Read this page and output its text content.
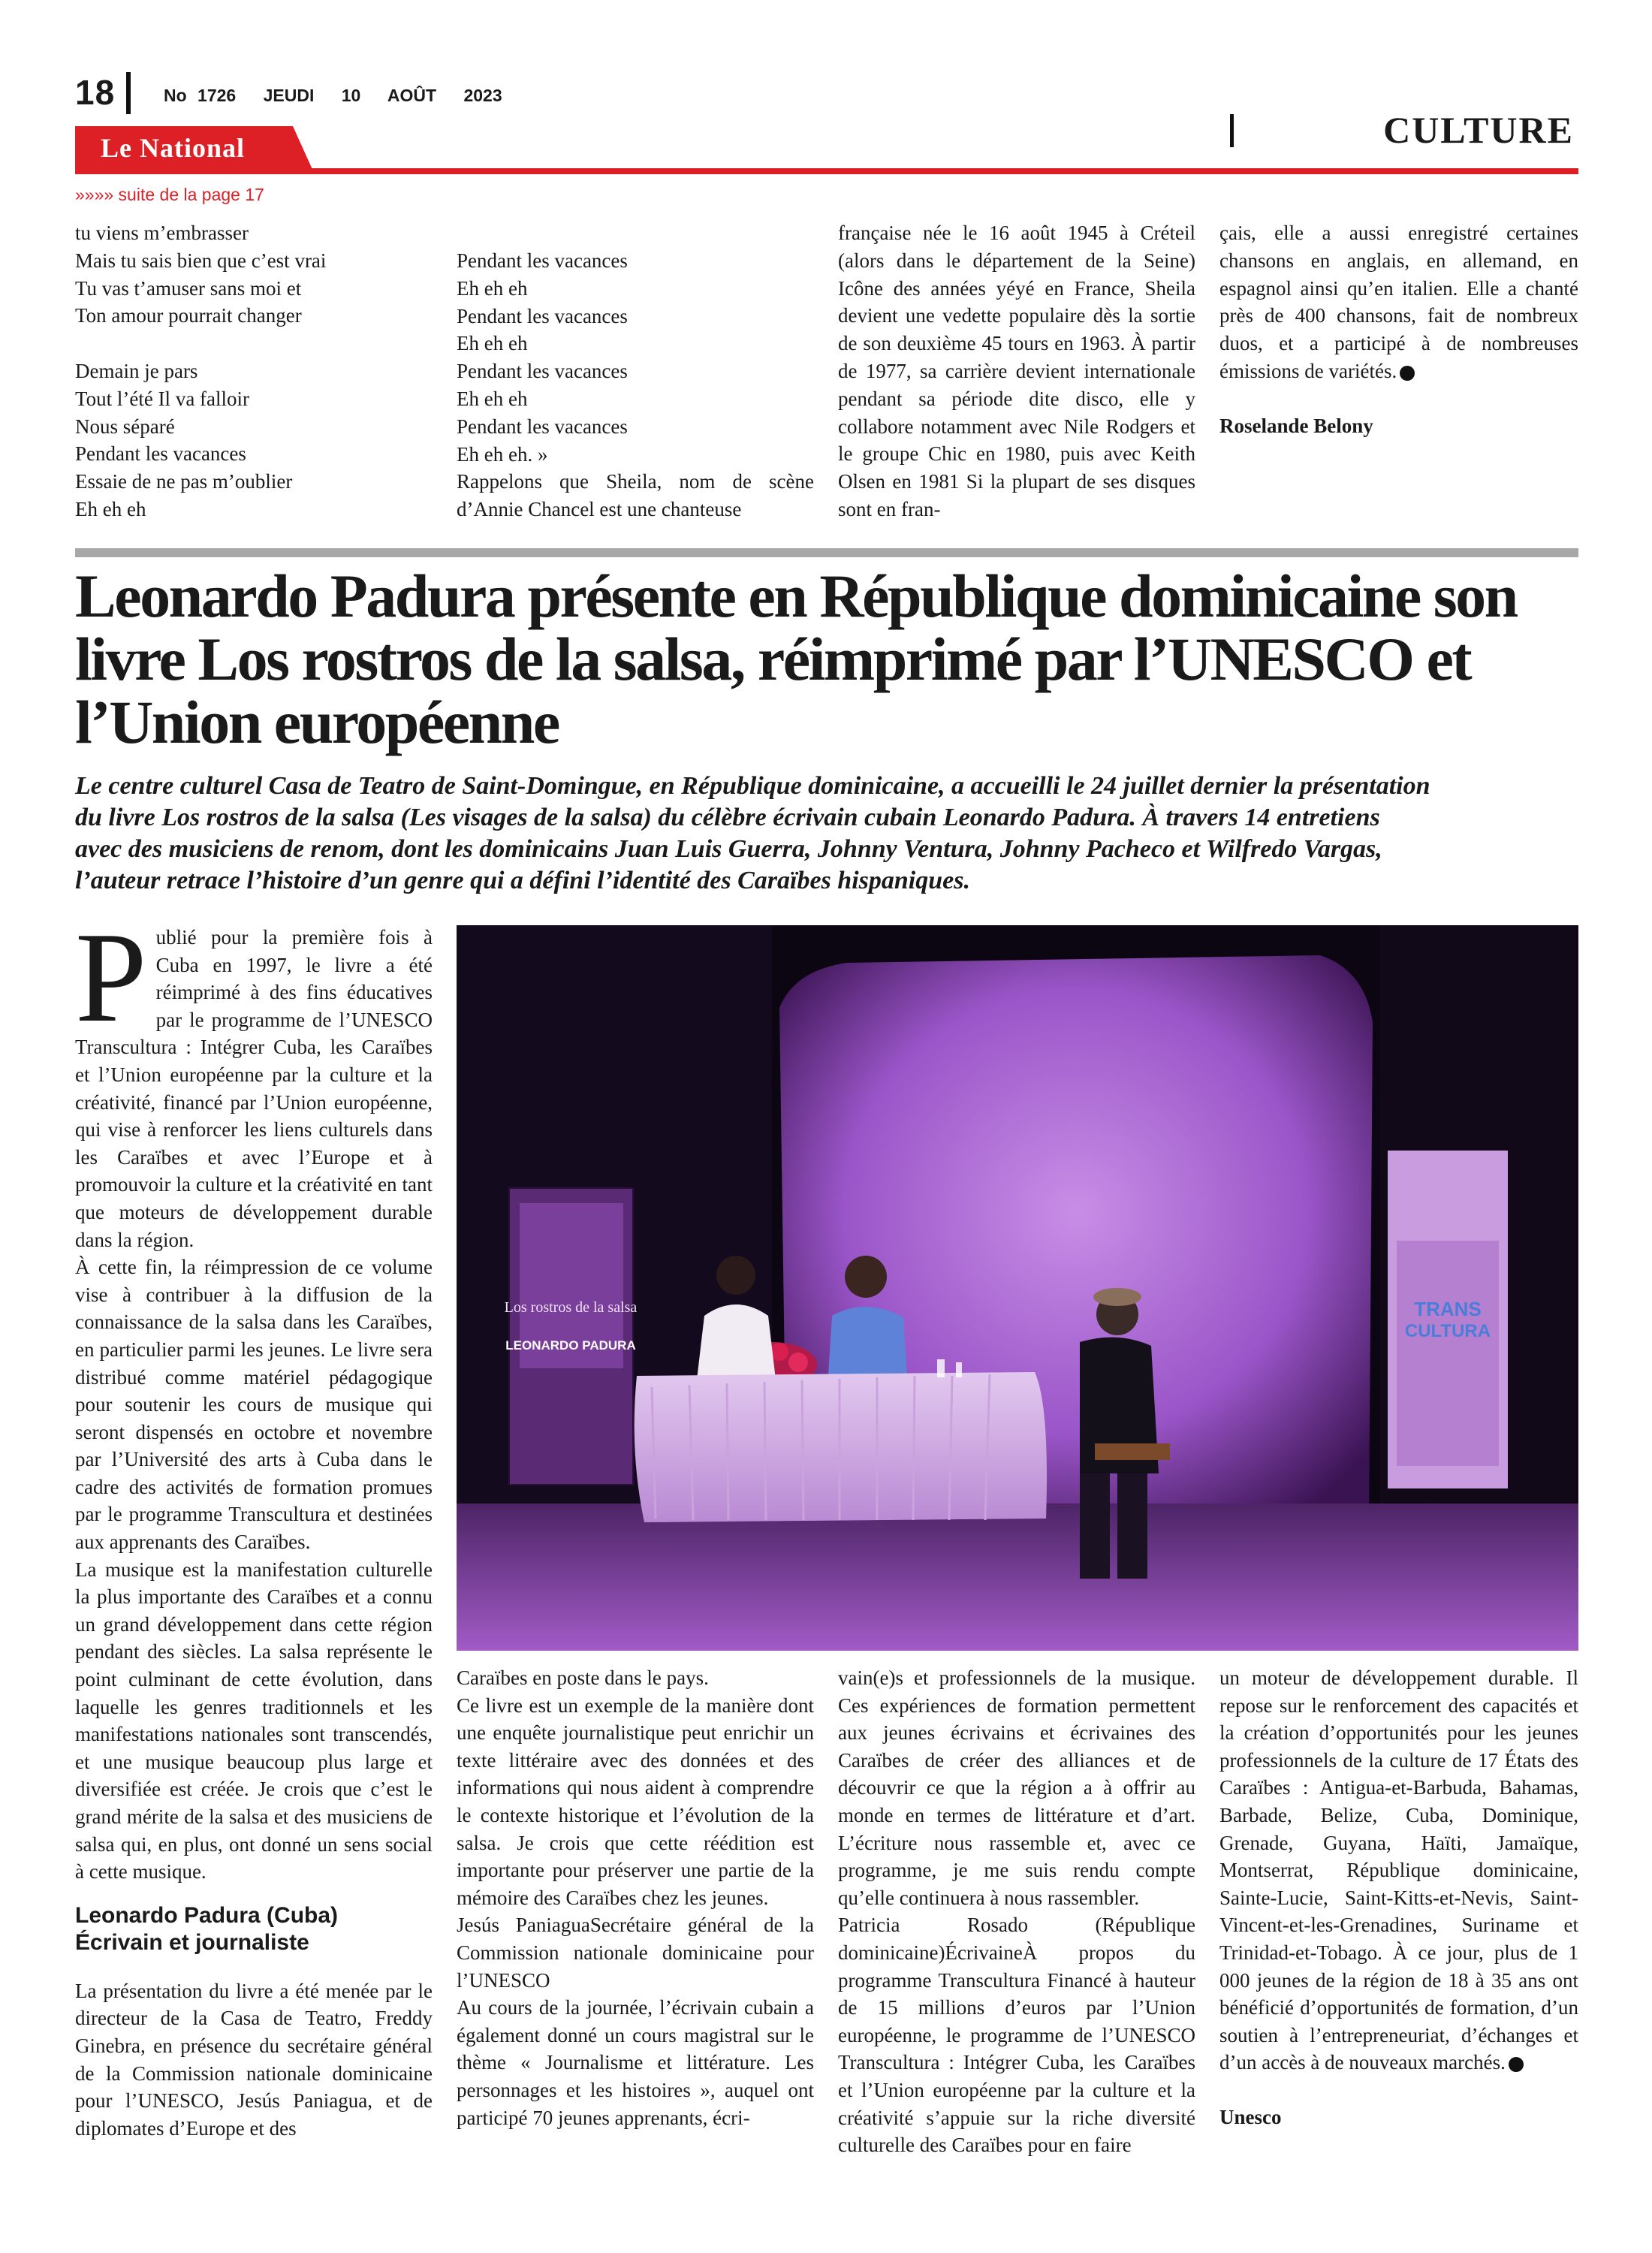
18	No 1726 JEUDI 10 AOÛT 2023
CULTURE
Le National
»»»» suite de la page 17
tu viens m’embrasser
Mais tu sais bien que c’est vrai
Tu vas t’amuser sans moi et
Ton amour pourrait changer
Demain je pars
Tout l’été Il va falloir
Nous séparé
Pendant les vacances
Essaie de ne pas m’oublier
Eh eh eh
Pendant les vacances
Eh eh eh
Pendant les vacances
Eh eh eh
Pendant les vacances
Eh eh eh
Pendant les vacances
Eh eh eh. »

Rappelons que Sheila, nom de scène d’Annie Chancel est une chanteuse

française née le 16 août 1945 à Créteil (alors dans le département de la Seine) Icône des années yéyé en France, Sheila devient une vedette populaire dès la sortie de son deuxième 45 tours en 1963. À partir de 1977, sa carrière devient internationale pendant sa période dite disco, elle y collabore notamment avec Nile Rodgers et le groupe Chic en 1980, puis avec Keith Olsen en 1981 Si la plupart de ses disques sont en fran-

çais, elle a aussi enregistré certaines chansons en anglais, en allemand, en espagnol ainsi qu’en italien. Elle a chanté près de 400 chansons, fait de nombreux duos, et a participé à de nombreuses émissions de variétés.

Roselande Belony

Leonardo Padura présente en République dominicaine son
livre Los rostros de la salsa, réimprimé par l’UNESCO et
l’Union européenne
Le centre culturel Casa de Teatro de Saint-Domingue, en République dominicaine, a accueilli le 24 juillet dernier la présentation
du livre Los rostros de la salsa (Les visages de la salsa) du célèbre écrivain cubain Leonardo Padura. À travers 14 entretiens
avec des musiciens de renom, dont les dominicains Juan Luis Guerra, Johnny Ventura, Johnny Pacheco et Wilfredo Vargas,
l’auteur retrace l’histoire d’un genre qui a défini l’identité des Caraïbes hispaniques.

Publié pour la première fois à Cuba en 1997, le livre a été réimprimé à des fins éducatives par le programme de l’UNESCO Transcultura : Intégrer Cuba, les Caraïbes et l’Union européenne par la culture et la créativité, financé par l’Union européenne, qui vise à renforcer les liens culturels dans les Caraïbes et avec l’Europe et à promouvoir la culture et la créativité en tant que moteurs de développement durable dans la région.

À cette fin, la réimpression de ce volume vise à contribuer à la diffusion de la connaissance de la salsa dans les Caraïbes, en particulier parmi les jeunes. Le livre sera distribué comme matériel pédagogique pour soutenir les cours de musique qui seront dispensés en octobre et novembre par l’Université des arts à Cuba dans le cadre des activités de formation promues par le programme Transcultura et destinées aux apprenants des Caraïbes.

La musique est la manifestation culturelle la plus importante des Caraïbes et a connu un grand développement dans cette région pendant des siècles. La salsa représente le point culminant de cette évolution, dans laquelle les genres traditionnels et les manifestations nationales sont transcendés, et une musique beaucoup plus large et diversifiée est créée. Je crois que c’est le grand mérite de la salsa et des musiciens de salsa qui, en plus, ont donné un sens social à cette musique.

Leonardo Padura (Cuba)
Écrivain et journaliste

La présentation du livre a été menée par le directeur de la Casa de Teatro, Freddy Ginebra, en présence du secrétaire général de la Commission nationale dominicaine pour l’UNESCO, Jesús Paniagua, et de diplomates d’Europe et des

Los rostros de la salsa
LEONARDO PADURA
TRANS
CULTURA

Caraïbes en poste dans le pays.

Ce livre est un exemple de la manière dont une enquête journalistique peut enrichir un texte littéraire avec des données et des informations qui nous aident à comprendre le contexte historique et l’évolution de la salsa. Je crois que cette réédition est importante pour préserver une partie de la mémoire des Caraïbes chez les jeunes.

Jesús PaniaguaSecrétaire général de la Commission nationale dominicaine pour l’UNESCO

Au cours de la journée, l’écrivain cubain a également donné un cours magistral sur le thème « Journalisme et littérature. Les personnages et les histoires », auquel ont participé 70 jeunes apprenants, écri-

vain(e)s et professionnels de la musique. Ces expériences de formation permettent aux jeunes écrivains et écrivaines des Caraïbes de créer des alliances et de découvrir ce que la région a à offrir au monde en termes de littérature et d’art. L’écriture nous rassemble et, avec ce programme, je me suis rendu compte qu’elle continuera à nous rassembler.

Patricia Rosado (République dominicaine)ÉcrivaineÀ propos du programme Transcultura Financé à hauteur de 15 millions d’euros par l’Union européenne, le programme de l’UNESCO Transcultura : Intégrer Cuba, les Caraïbes et l’Union européenne par la culture et la créativité s’appuie sur la riche diversité culturelle des Caraïbes pour en faire

un moteur de développement durable. Il repose sur le renforcement des capacités et la création d’opportunités pour les jeunes professionnels de la culture de 17 États des Caraïbes : Antigua-et-Barbuda, Bahamas, Barbade, Belize, Cuba, Dominique, Grenade, Guyana, Haïti, Jamaïque, Montserrat, République dominicaine, Sainte-Lucie, Saint-Kitts-et-Nevis, Saint-Vincent-et-les-Grenadines, Suriname et Trinidad-et-Tobago. À ce jour, plus de 1 000 jeunes de la région de 18 à 35 ans ont bénéficié d’opportunités de formation, d’un soutien à l’entrepreneuriat, d’échanges et d’un accès à de nouveaux marchés.

Unesco
